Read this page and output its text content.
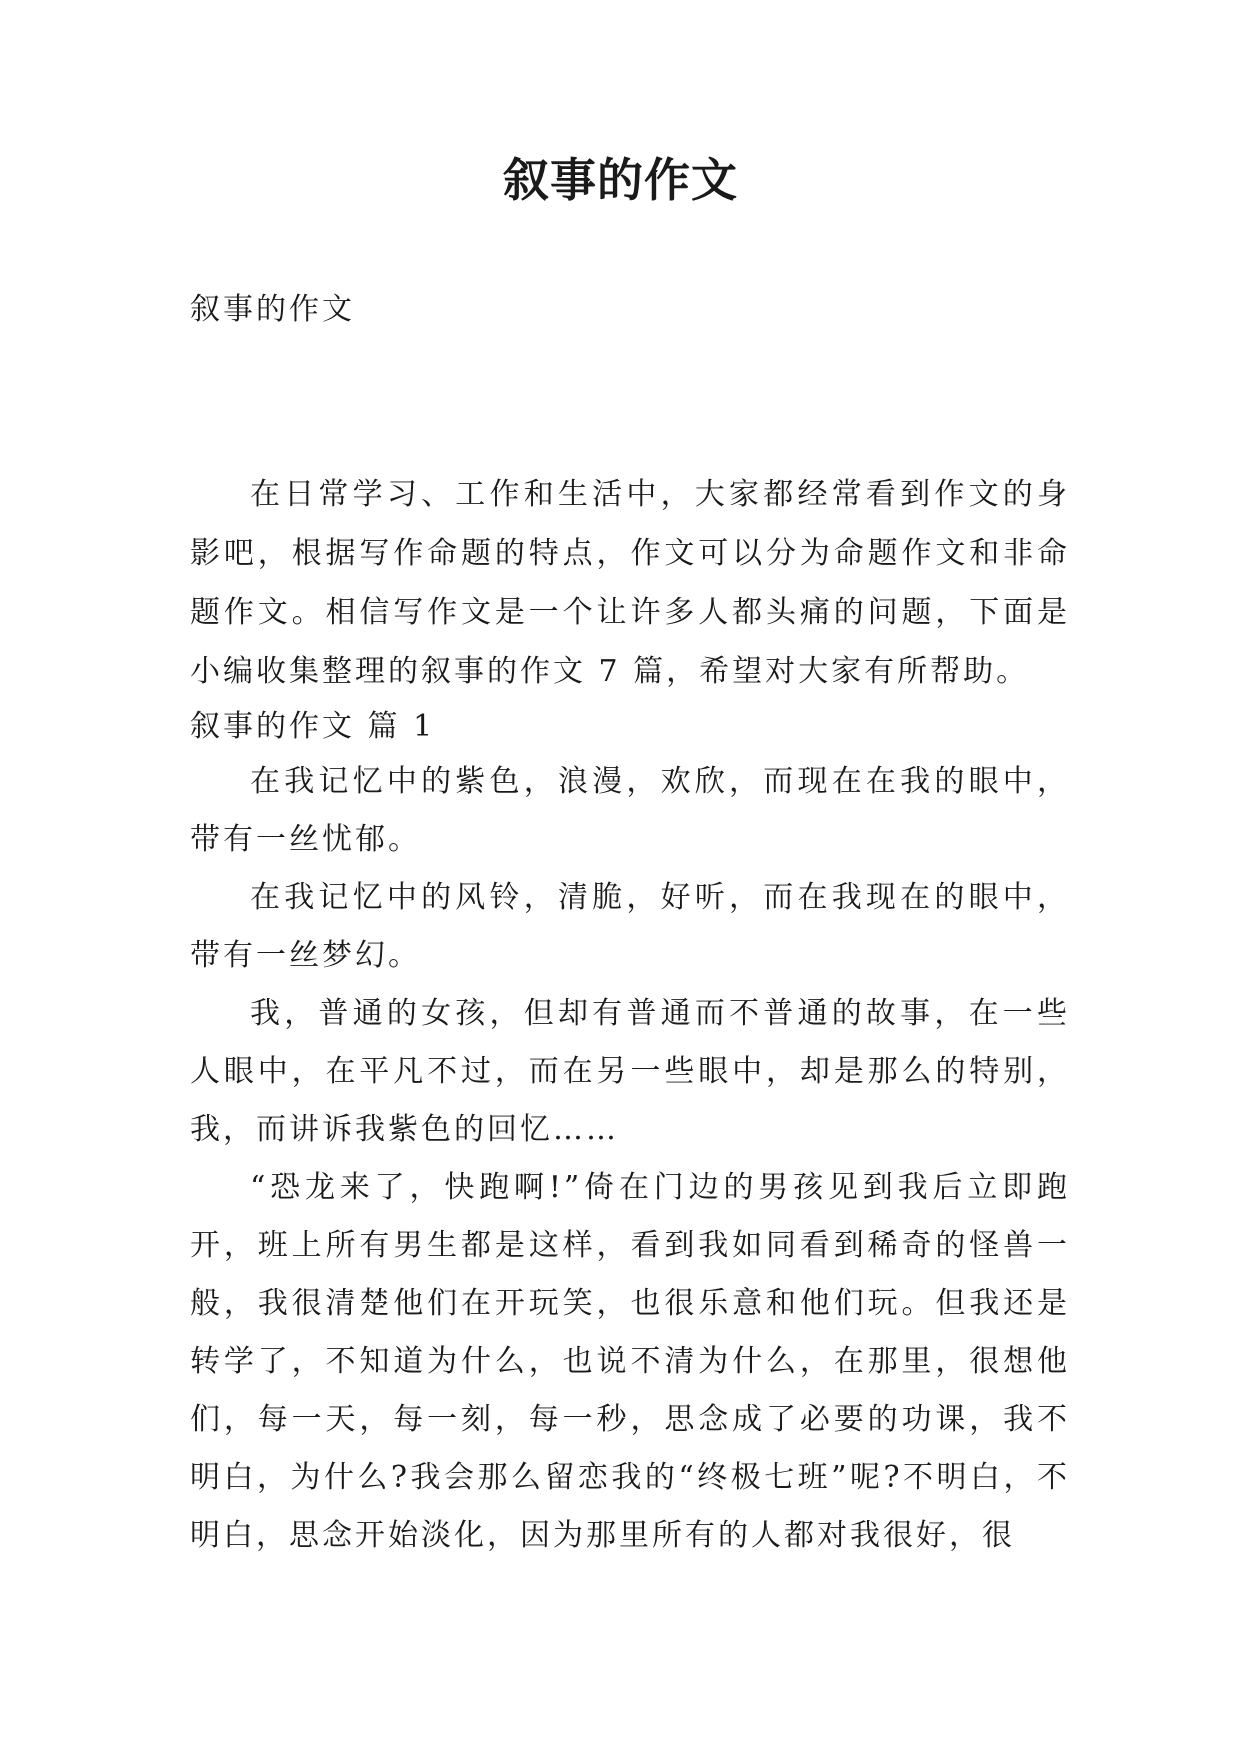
叙事的作文
叙事的作文

在日常学习、工作和生活中，大家都经常看到作文的身影吧，根据写作命题的特点，作文可以分为命题作文和非命题作文。相信写作文是一个让许多人都头痛的问题，下面是小编收集整理的叙事的作文 7 篇，希望对大家有所帮助。

叙事的作文 篇 1

在我记忆中的紫色，浪漫，欢欣，而现在在我的眼中，带有一丝忧郁。

在我记忆中的风铃，清脆，好听，而在我现在的眼中，带有一丝梦幻。

我，普通的女孩，但却有普通而不普通的故事，在一些人眼中，在平凡不过，而在另一些眼中，却是那么的特别，我，而讲诉我紫色的回忆……

“恐龙来了，快跑啊!”倚在门边的男孩见到我后立即跑开，班上所有男生都是这样，看到我如同看到稀奇的怪兽一般，我很清楚他们在开玩笑，也很乐意和他们玩。但我还是转学了，不知道为什么，也说不清为什么，在那里，很想他们，每一天，每一刻，每一秒，思念成了必要的功课，我不明白，为什么?我会那么留恋我的“终极七班”呢?不明白，不明白，思念开始淡化，因为那里所有的人都对我很好，很
